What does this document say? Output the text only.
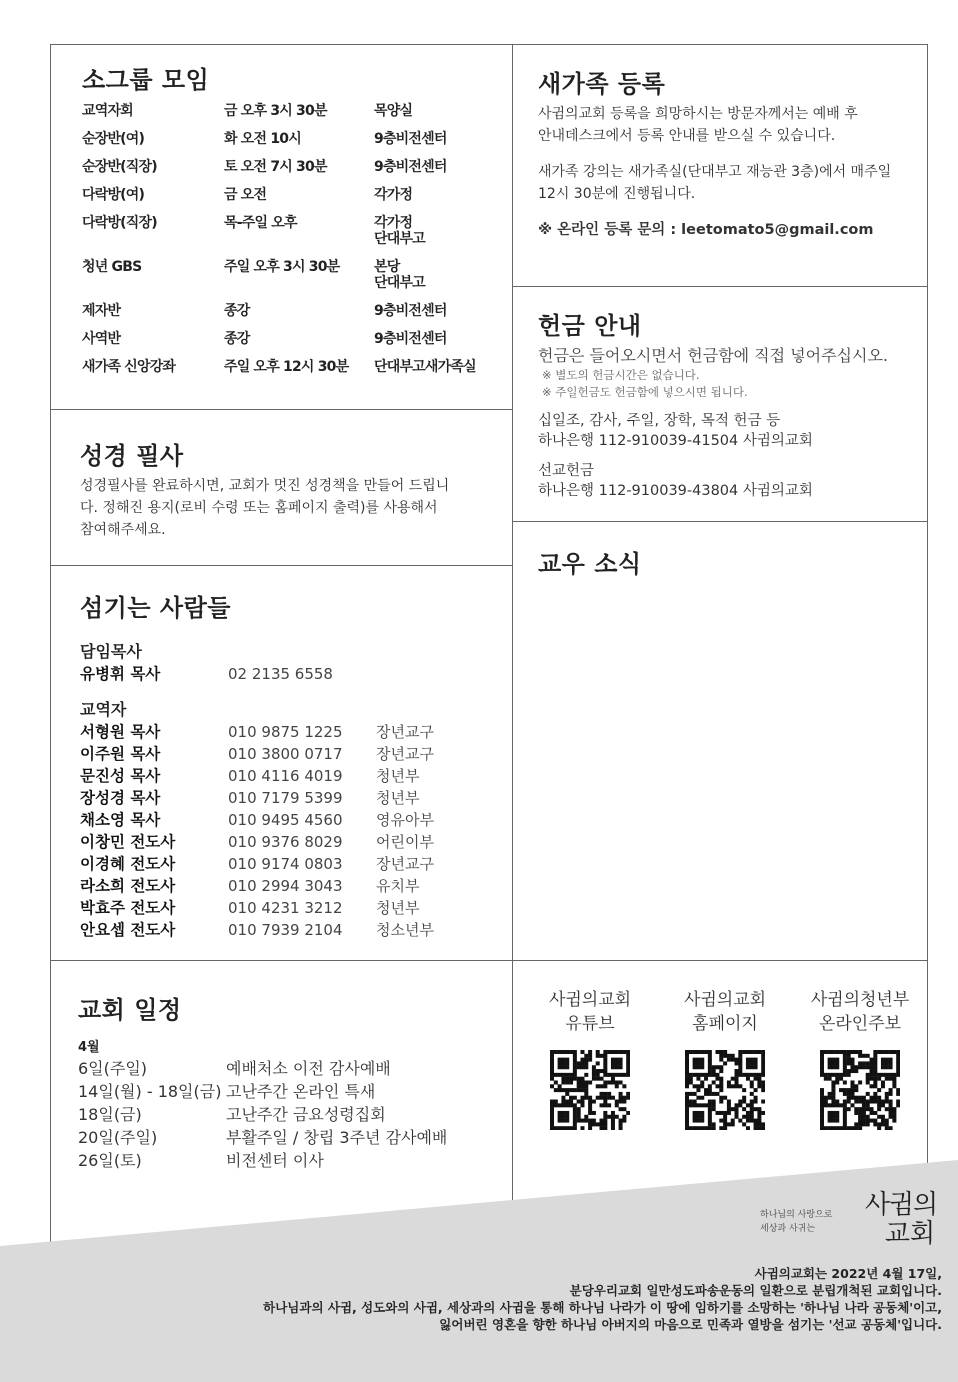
소그룹 모임
교역자회	금 오후 3시 30분	목양실
순장반(여)	화 오전 10시	9층비전센터
순장반(직장)	토 오전 7시 30분	9층비전센터
다락방(여)	금 오전	각가정
다락방(직장)	목-주일 오후	각가정
단대부고
청년 GBS	주일 오후 3시 30분	본당
단대부고
제자반	종강	9층비전센터
사역반	종강	9층비전센터
새가족 신앙강좌	주일 오후 12시 30분	단대부고새가족실
새가족 등록
사귐의교회 등록을 희망하시는 방문자께서는 예배 후 안내데스크에서 등록 안내를 받으실 수 있습니다.
새가족 강의는 새가족실(단대부고 재능관 3층)에서 매주일 12시 30분에 진행됩니다.
※ 온라인 등록 문의 : leetomato5@gmail.com
헌금 안내
헌금은 들어오시면서 헌금함에 직접 넣어주십시오.
※ 별도의 헌금시간은 없습니다.
※ 주일헌금도 헌금함에 넣으시면 됩니다.
십일조, 감사, 주일, 장학, 목적 헌금 등
하나은행 112-910039-41504 사귐의교회
선교헌금
하나은행 112-910039-43804 사귐의교회
교우 소식
성경 필사
성경필사를 완료하시면, 교회가 멋진 성경책을 만들어 드립니다. 정해진 용지(로비 수령 또는 홈페이지 출력)를 사용해서 참여해주세요.
섬기는 사람들
담임목사
유병휘 목사	02 2135 6558
교역자
서형원 목사	010 9875 1225	장년교구
이주원 목사	010 3800 0717	장년교구
문진성 목사	010 4116 4019	청년부
장성경 목사	010 7179 5399	청년부
채소영 목사	010 9495 4560	영유아부
이창민 전도사	010 9376 8029	어린이부
이경혜 전도사	010 9174 0803	장년교구
라소희 전도사	010 2994 3043	유치부
박효주 전도사	010 4231 3212	청년부
안요셉 전도사	010 7939 2104	청소년부
교회 일정
4월
6일(주일)	예배처소 이전 감사예배
14일(월) - 18일(금) 고난주간 온라인 특새
18일(금)	고난주간 금요성령집회
20일(주일)	부활주일 / 창립 3주년 감사예배
26일(토)	비전센터 이사
사귐의교회
유튜브
사귐의교회
홈페이지
사귐의청년부
온라인주보
하나님의 사랑으로
세상과 사귀는
사귐의
교회
사귐의교회는 2022년 4월 17일,
분당우리교회 일만성도파송운동의 일환으로 분립개척된 교회입니다.
하나님과의 사귐, 성도와의 사귐, 세상과의 사귐을 통해 하나님 나라가 이 땅에 임하기를 소망하는 '하나님 나라 공동체'이고,
잃어버린 영혼을 향한 하나님 아버지의 마음으로 민족과 열방을 섬기는 '선교 공동체'입니다.
